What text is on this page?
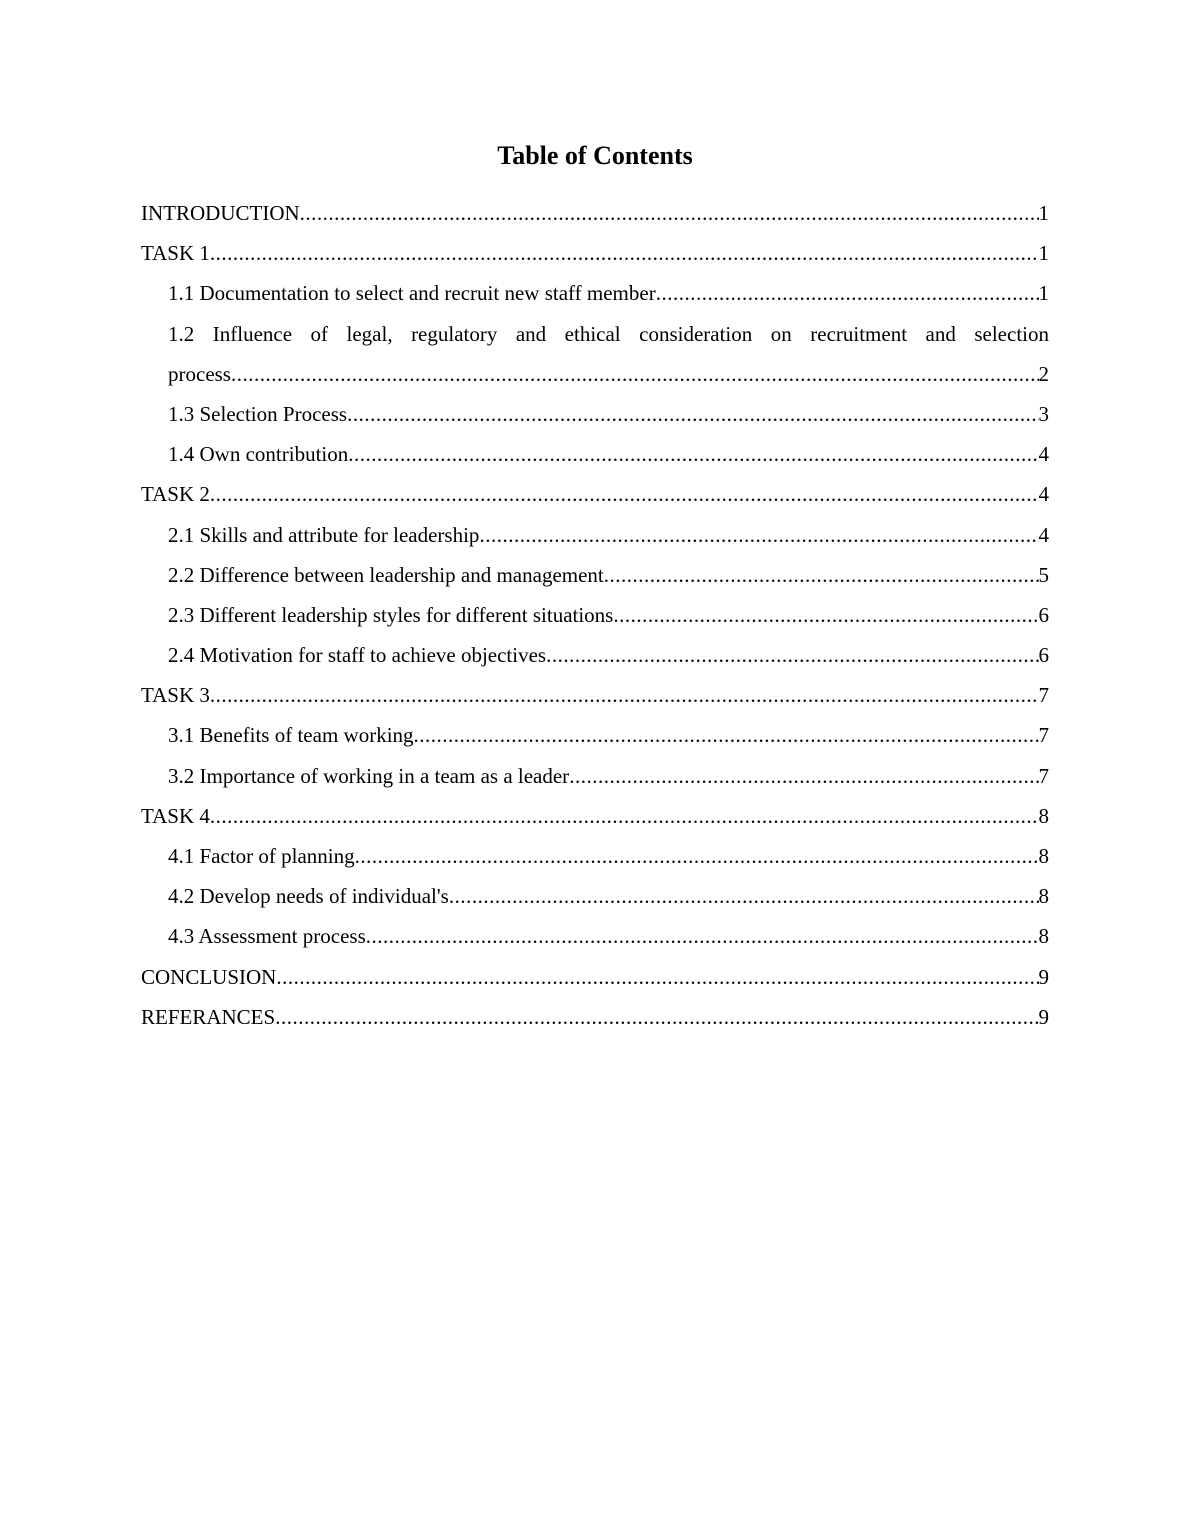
Table of Contents
INTRODUCTION .....	1
TASK 1 .....	1
1.1 Documentation to select and recruit new staff member .....	1
1.2 Influence of legal, regulatory and ethical consideration on recruitment and selection
process .....	2
1.3 Selection Process .....	3
1.4 Own contribution .....	4
TASK 2 .....	4
2.1 Skills and attribute for leadership .....	4
2.2 Difference between leadership and management .....	5
2.3 Different leadership styles for different situations .....	6
2.4 Motivation for staff to achieve objectives .....	6
TASK 3 .....	7
3.1 Benefits of team working .....	7
3.2 Importance of working in a team as a leader .....	7
TASK 4 .....	8
4.1 Factor of planning .....	8
4.2 Develop needs of individual's .....	8
4.3 Assessment process .....	8
CONCLUSION .....	9
REFERANCES .....	9
